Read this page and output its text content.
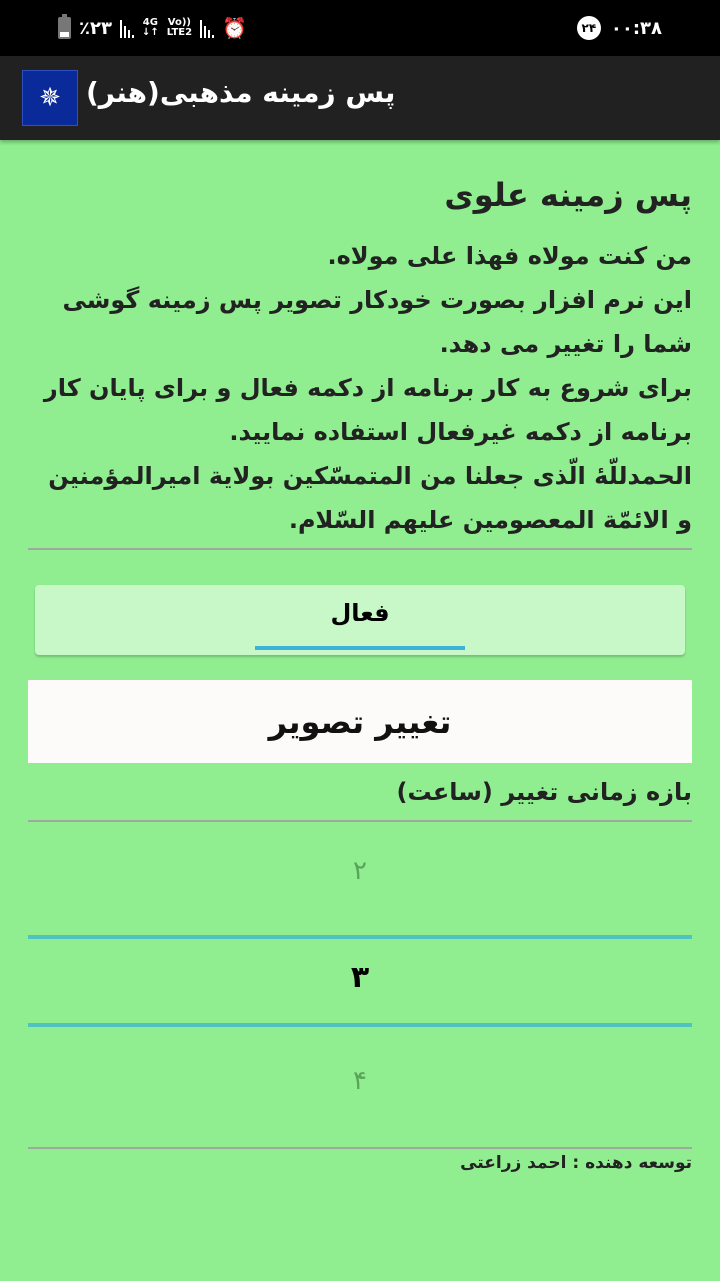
٪۲۳	4G
↓↑
Vo))
LTE2 ⏰	۲۴ ۰۰:۳۸
✵ پس زمینه مذهبی(هنر)
پس زمینه علوی
من کنت مولاه فهذا علی مولاه.
این نرم افزار بصورت خودکار تصویر پس زمینه گوشی شما را تغییر می دهد.
برای شروع به کار برنامه از دکمه فعال و برای پایان کار برنامه از دکمه غیرفعال استفاده نمایید.
الحمدللّهٔ الّذی جعلنا من المتمسّکین بولایة امیرالمؤمنین و الائمّة المعصومین علیهم السّلام.
فعال
تغییر تصویر
بازه زمانی تغییر (ساعت)
۲
۳
۴
توسعه دهنده : احمد زراعتی
